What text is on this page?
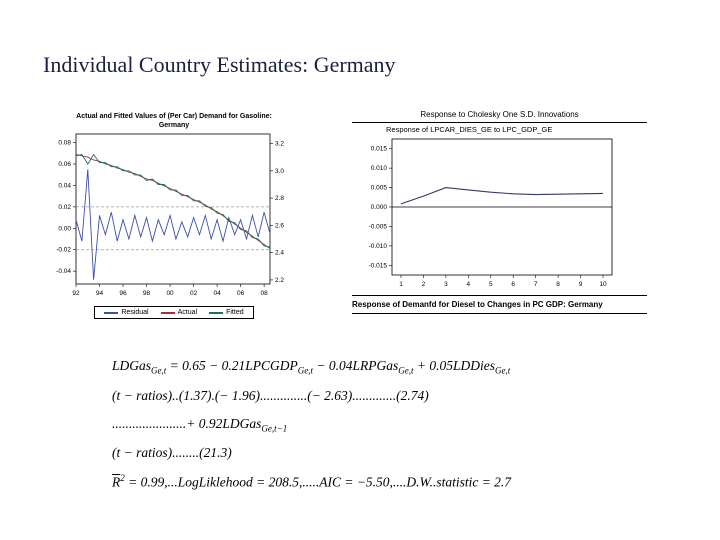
Individual Country Estimates: Germany
Actual and Fitted Values of (Per Car) Demand for Gasoline:
Germany
0.08
0.06
0.04
0.02
0.00
-0.02
-0.04
3.2
3.0
2.8
2.6
2.4
2.2
92	94	96	98	00	02	04	06	08
Residual	Actual	Fitted
Response to Cholesky One S.D. Innovations
Response of LPCAR_DIES_GE to LPC_GDP_GE
0.015
0.010
0.005
0.000
-0.005
-0.010
-0.015
1	2	3	4	5	6	7	8	9	10
Response of Demanfd for Diesel to Changes in PC GDP: Germany
LDGas$_{Ge,t}$ = $0.65 - 0.21LPCGDP_{Ge,t}$ − 0.04LRPGas$_{Ge,t}$ + 0.05LDDies$_{Ge,t}$
(t − ratios)..(1.37).(− 1.96)..............(− 2.63).............(2.74)
......................+ 0.92LDGas$_{Ge,t-1}$
(t − ratios)........(21.3)
$\overline{R}^2$ = 0.99,...LogLiklehood = 208.5,.....AIC = −5.50,....D.W..statistic = 2.7
